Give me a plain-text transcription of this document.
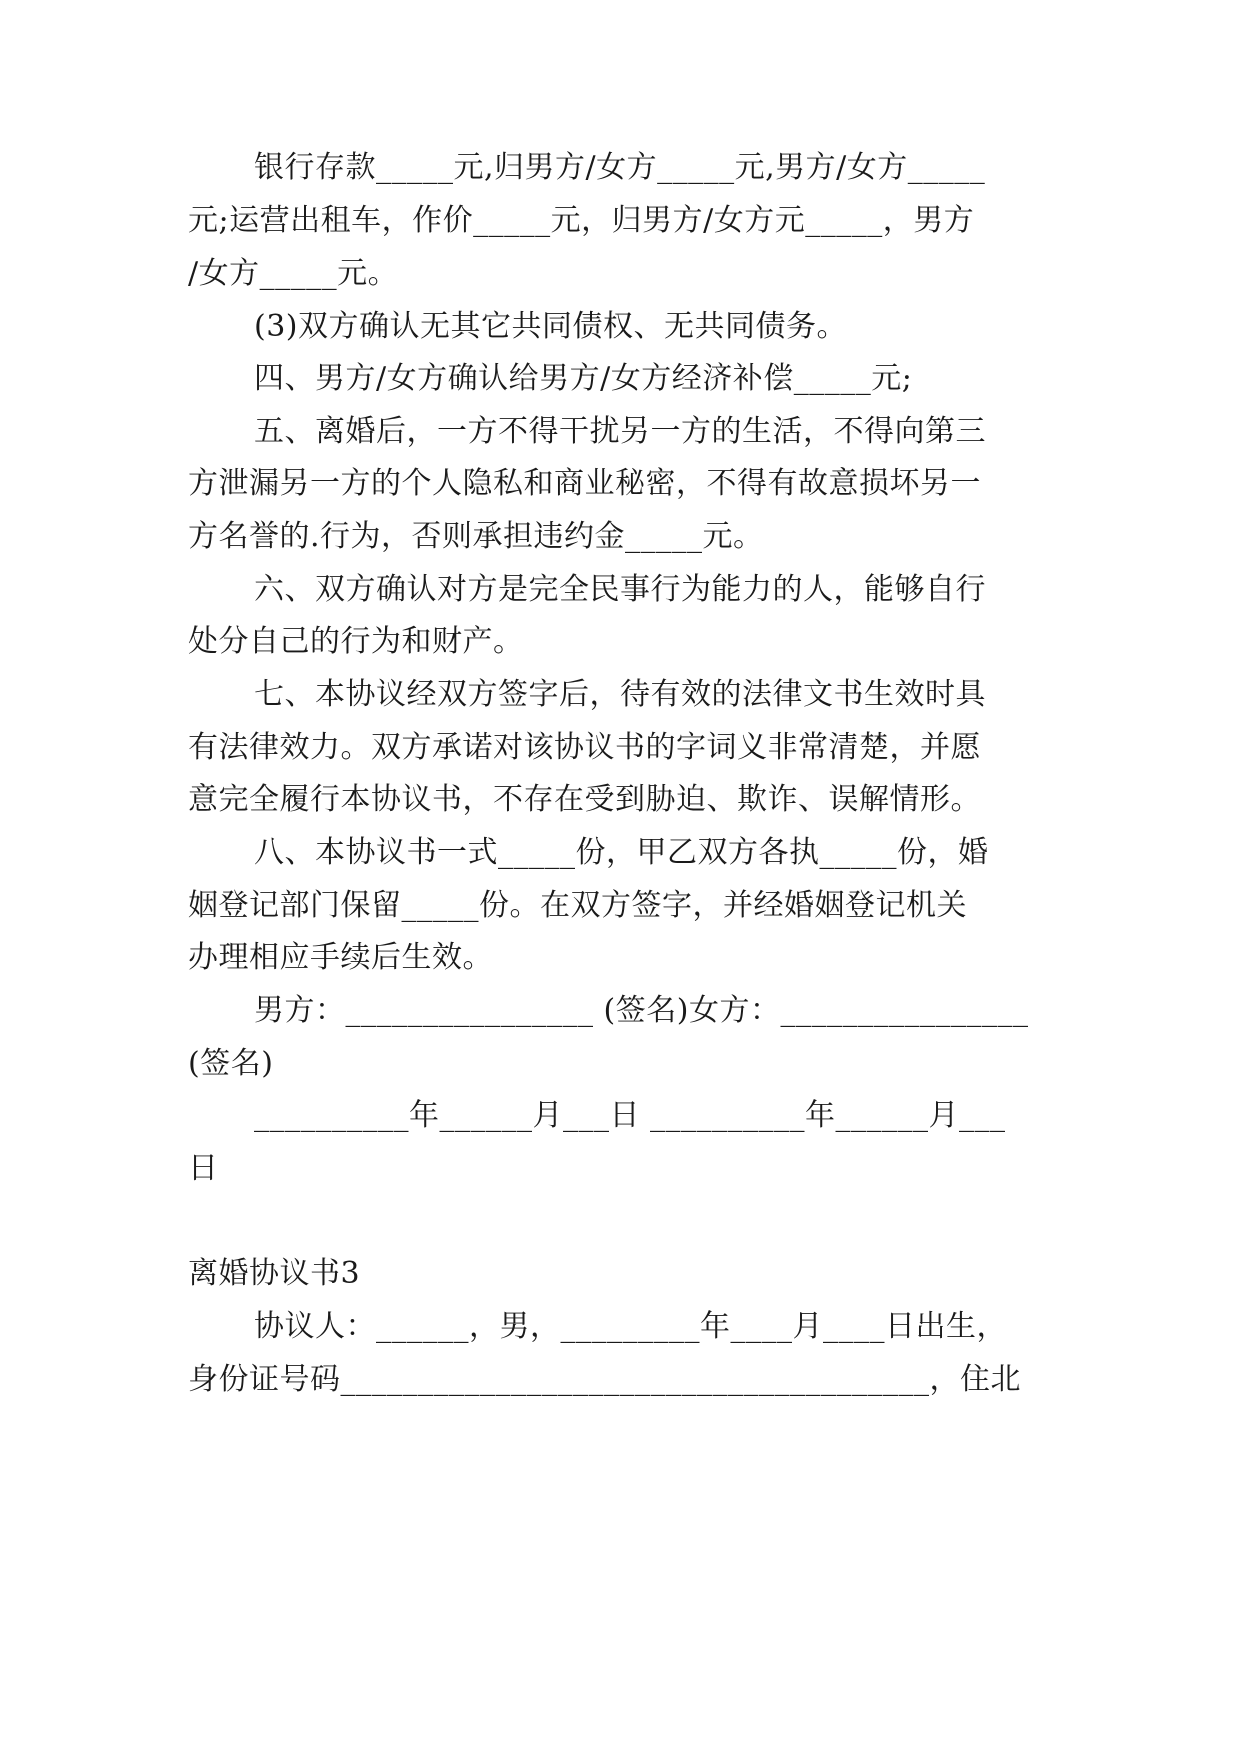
银行存款_____元,归男方/女方_____元,男方/女方_____
元;运营出租车，作价_____元，归男方/女方元_____，男方
/女方_____元。
(3)双方确认无其它共同债权、无共同债务。
四、男方/女方确认给男方/女方经济补偿_____元;
五、离婚后，一方不得干扰另一方的生活，不得向第三
方泄漏另一方的个人隐私和商业秘密，不得有故意损坏另一
方名誉的.行为，否则承担违约金_____元。
六、双方确认对方是完全民事行为能力的人，能够自行
处分自己的行为和财产。
七、本协议经双方签字后，待有效的法律文书生效时具
有法律效力。双方承诺对该协议书的字词义非常清楚，并愿
意完全履行本协议书，不存在受到胁迫、欺诈、误解情形。
八、本协议书一式_____份，甲乙双方各执_____份，婚
姻登记部门保留_____份。在双方签字，并经婚姻登记机关
办理相应手续后生效。
男方：________________ (签名)女方：________________
(签名)
__________年______月___日 __________年______月___
日
离婚协议书3
协议人：______，男，_________年____月____日出生，
身份证号码______________________________________，住北
